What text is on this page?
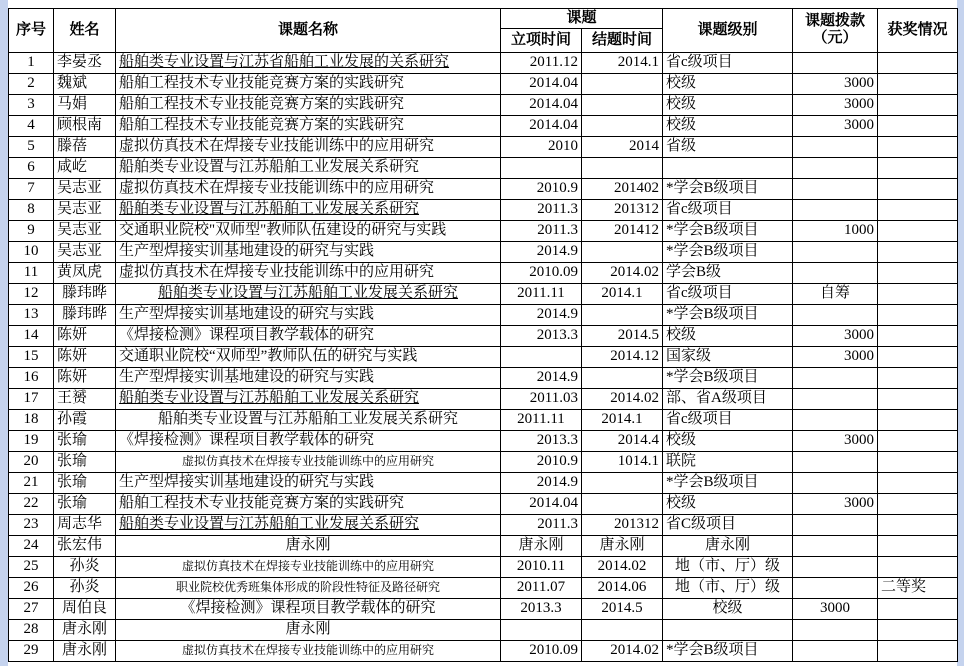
序号	姓名	课题名称	课题		课题级别	课题拨款（元）	获奖情况
			立项时间	结题时间			
1	李晏丞	船舶类专业设置与江苏省船舶工业发展的关系研究	2011.12	2014.1	省c级项目		
2	魏斌	船舶工程技术专业技能竞赛方案的实践研究	2014.04		校级	3000	
3	马娟	船舶工程技术专业技能竞赛方案的实践研究	2014.04		校级	3000	
4	顾根南	船舶工程技术专业技能竞赛方案的实践研究	2014.04		校级	3000	
5	滕蓓	虚拟仿真技术在焊接专业技能训练中的应用研究	2010	2014	省级		
6	咸屹	船舶类专业设置与江苏船舶工业发展关系研究					
7	吴志亚	虚拟仿真技术在焊接专业技能训练中的应用研究	2010.9	201402	*学会B级项目		
8	吴志亚	船舶类专业设置与江苏船舶工业发展关系研究	2011.3	201312	省c级项目		
9	吴志亚	交通职业院校"双师型"教师队伍建设的研究与实践	2011.3	201412	*学会B级项目	1000	
10	吴志亚	生产型焊接实训基地建设的研究与实践	2014.9		*学会B级项目		
11	黄凤虎	虚拟仿真技术在焊接专业技能训练中的应用研究	2010.09	2014.02	学会B级		
12	滕玮晔	船舶类专业设置与江苏船舶工业发展关系研究	2011.11	2014.1	省c级项目	自筹	
13	滕玮晔	生产型焊接实训基地建设的研究与实践	2014.9		*学会B级项目		
14	陈妍	《焊接检测》课程项目教学载体的研究	2013.3	2014.5	校级	3000	
15	陈妍	交通职业院校“双师型”教师队伍的研究与实践		2014.12	国家级	3000	
16	陈妍	生产型焊接实训基地建设的研究与实践	2014.9		*学会B级项目		
17	王赟	船舶类专业设置与江苏船舶工业发展关系研究	2011.03	2014.02	部、省A级项目		
18	孙霞	船舶类专业设置与江苏船舶工业发展关系研究	2011.11	2014.1	省c级项目		
19	张瑜	《焊接检测》课程项目教学载体的研究	2013.3	2014.4	校级	3000	
20	张瑜	虚拟仿真技术在焊接专业技能训练中的应用研究	2010.9	1014.1	联院		
21	张瑜	生产型焊接实训基地建设的研究与实践	2014.9		*学会B级项目		
22	张瑜	船舶工程技术专业技能竞赛方案的实践研究	2014.04		校级	3000	
23	周志华	船舶类专业设置与江苏船舶工业发展关系研究	2011.3	201312	省C级项目		
24	张宏伟	唐永刚	唐永刚	唐永刚	唐永刚		
25	孙炎	虚拟仿真技术在焊接专业技能训练中的应用研究	2010.11	2014.02	地（市、厅）级		
26	孙炎	职业院校优秀班集体形成的阶段性特征及路径研究	2011.07	2014.06	地（市、厅）级		二等奖
27	周伯良	《焊接检测》课程项目教学载体的研究	2013.3	2014.5	校级	3000	
28	唐永刚	唐永刚					
29	唐永刚	虚拟仿真技术在焊接专业技能训练中的应用研究	2010.09	2014.02	*学会B级项目		
